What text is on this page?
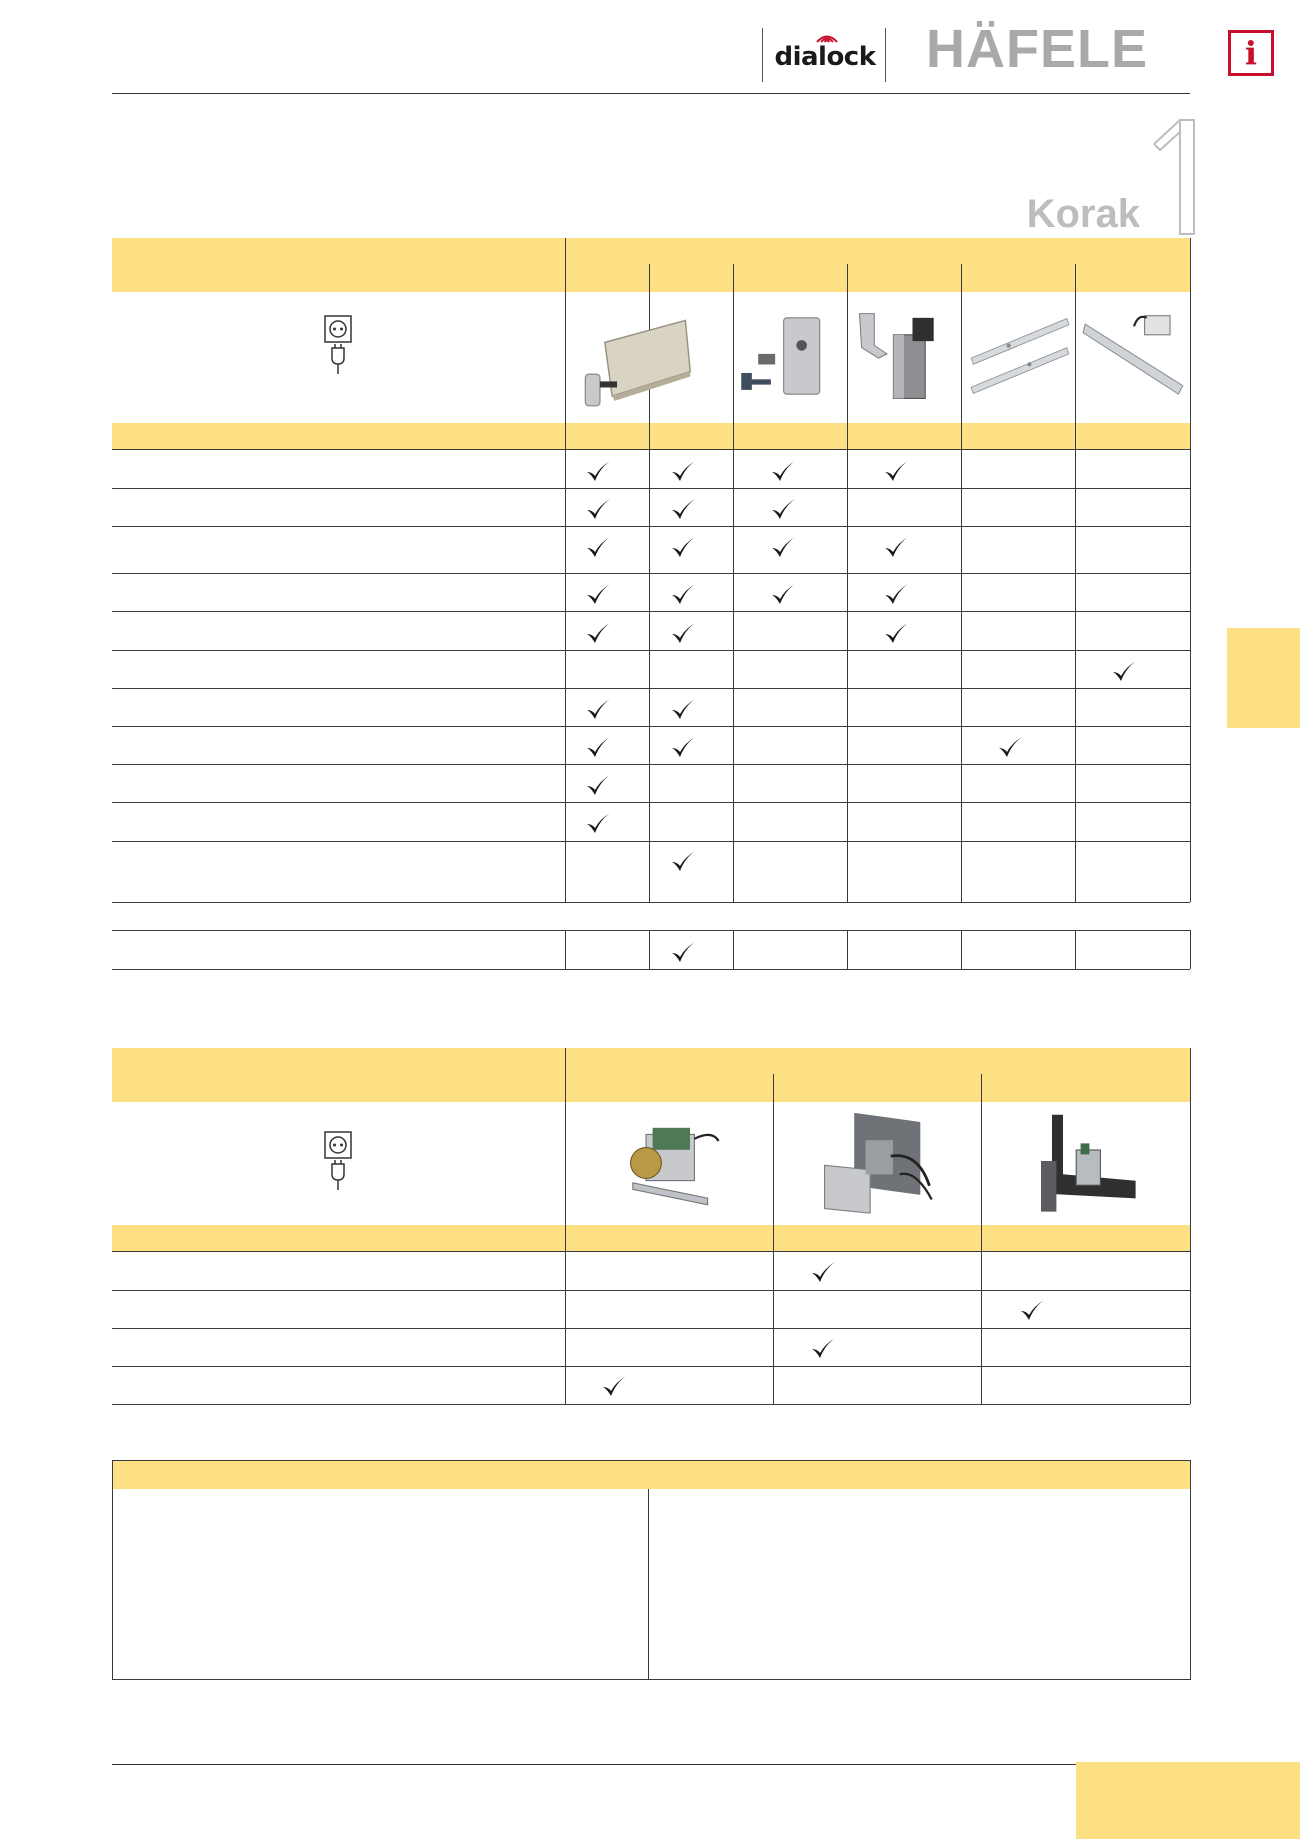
dialock HÄFELE	i
Korak
